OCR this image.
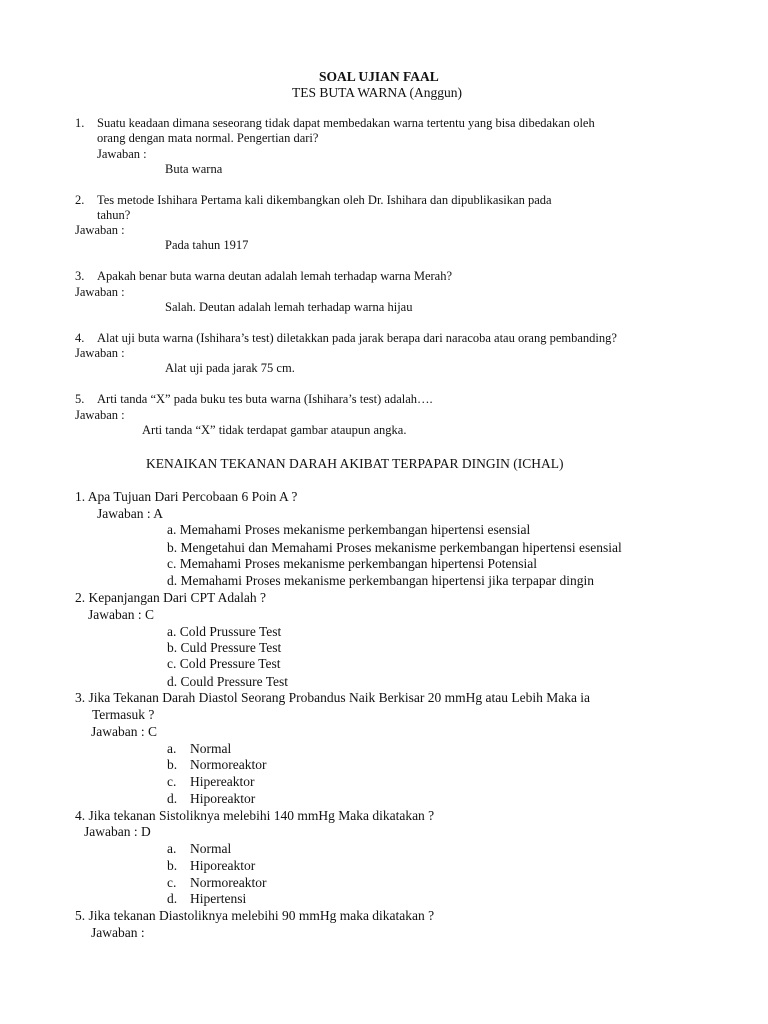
SOAL UJIAN FAAL
TES BUTA WARNA (Anggun)
1. Suatu keadaan dimana seseorang tidak dapat membedakan warna tertentu yang bisa dibedakan oleh
orang dengan mata normal. Pengertian dari?
Jawaban :
Buta warna
2. Tes metode Ishihara Pertama kali dikembangkan oleh Dr. Ishihara dan dipublikasikan pada
tahun?
Jawaban :
Pada tahun 1917
3. Apakah benar buta warna deutan adalah lemah terhadap warna Merah?
Jawaban :
Salah. Deutan adalah lemah terhadap warna hijau
4. Alat uji buta warna (Ishihara’s test) diletakkan pada jarak berapa dari naracoba atau orang pembanding?
Jawaban :
Alat uji pada jarak 75 cm.
5. Arti tanda “X” pada buku tes buta warna (Ishihara’s test) adalah….
Jawaban :
Arti tanda “X” tidak terdapat gambar ataupun angka.
KENAIKAN TEKANAN DARAH AKIBAT TERPAPAR DINGIN (ICHAL)
1. Apa Tujuan Dari Percobaan 6 Poin A ?
Jawaban : A
a. Memahami Proses mekanisme perkembangan hipertensi esensial
b. Mengetahui dan Memahami Proses mekanisme perkembangan hipertensi esensial
c. Memahami Proses mekanisme perkembangan hipertensi Potensial
d. Memahami Proses mekanisme perkembangan hipertensi jika terpapar dingin
2. Kepanjangan Dari CPT Adalah ?
Jawaban : C
a. Cold Prussure Test
b. Culd Pressure Test
c. Cold Pressure Test
d. Could Pressure Test
3. Jika Tekanan Darah Diastol Seorang Probandus Naik Berkisar 20 mmHg atau Lebih Maka ia
Termasuk ?
Jawaban : C
a. Normal
b. Normoreaktor
c. Hipereaktor
d. Hiporeaktor
4. Jika tekanan Sistoliknya melebihi 140 mmHg Maka dikatakan ?
Jawaban : D
a. Normal
b. Hiporeaktor
c. Normoreaktor
d. Hipertensi
5. Jika tekanan Diastoliknya melebihi 90 mmHg maka dikatakan ?
Jawaban :
